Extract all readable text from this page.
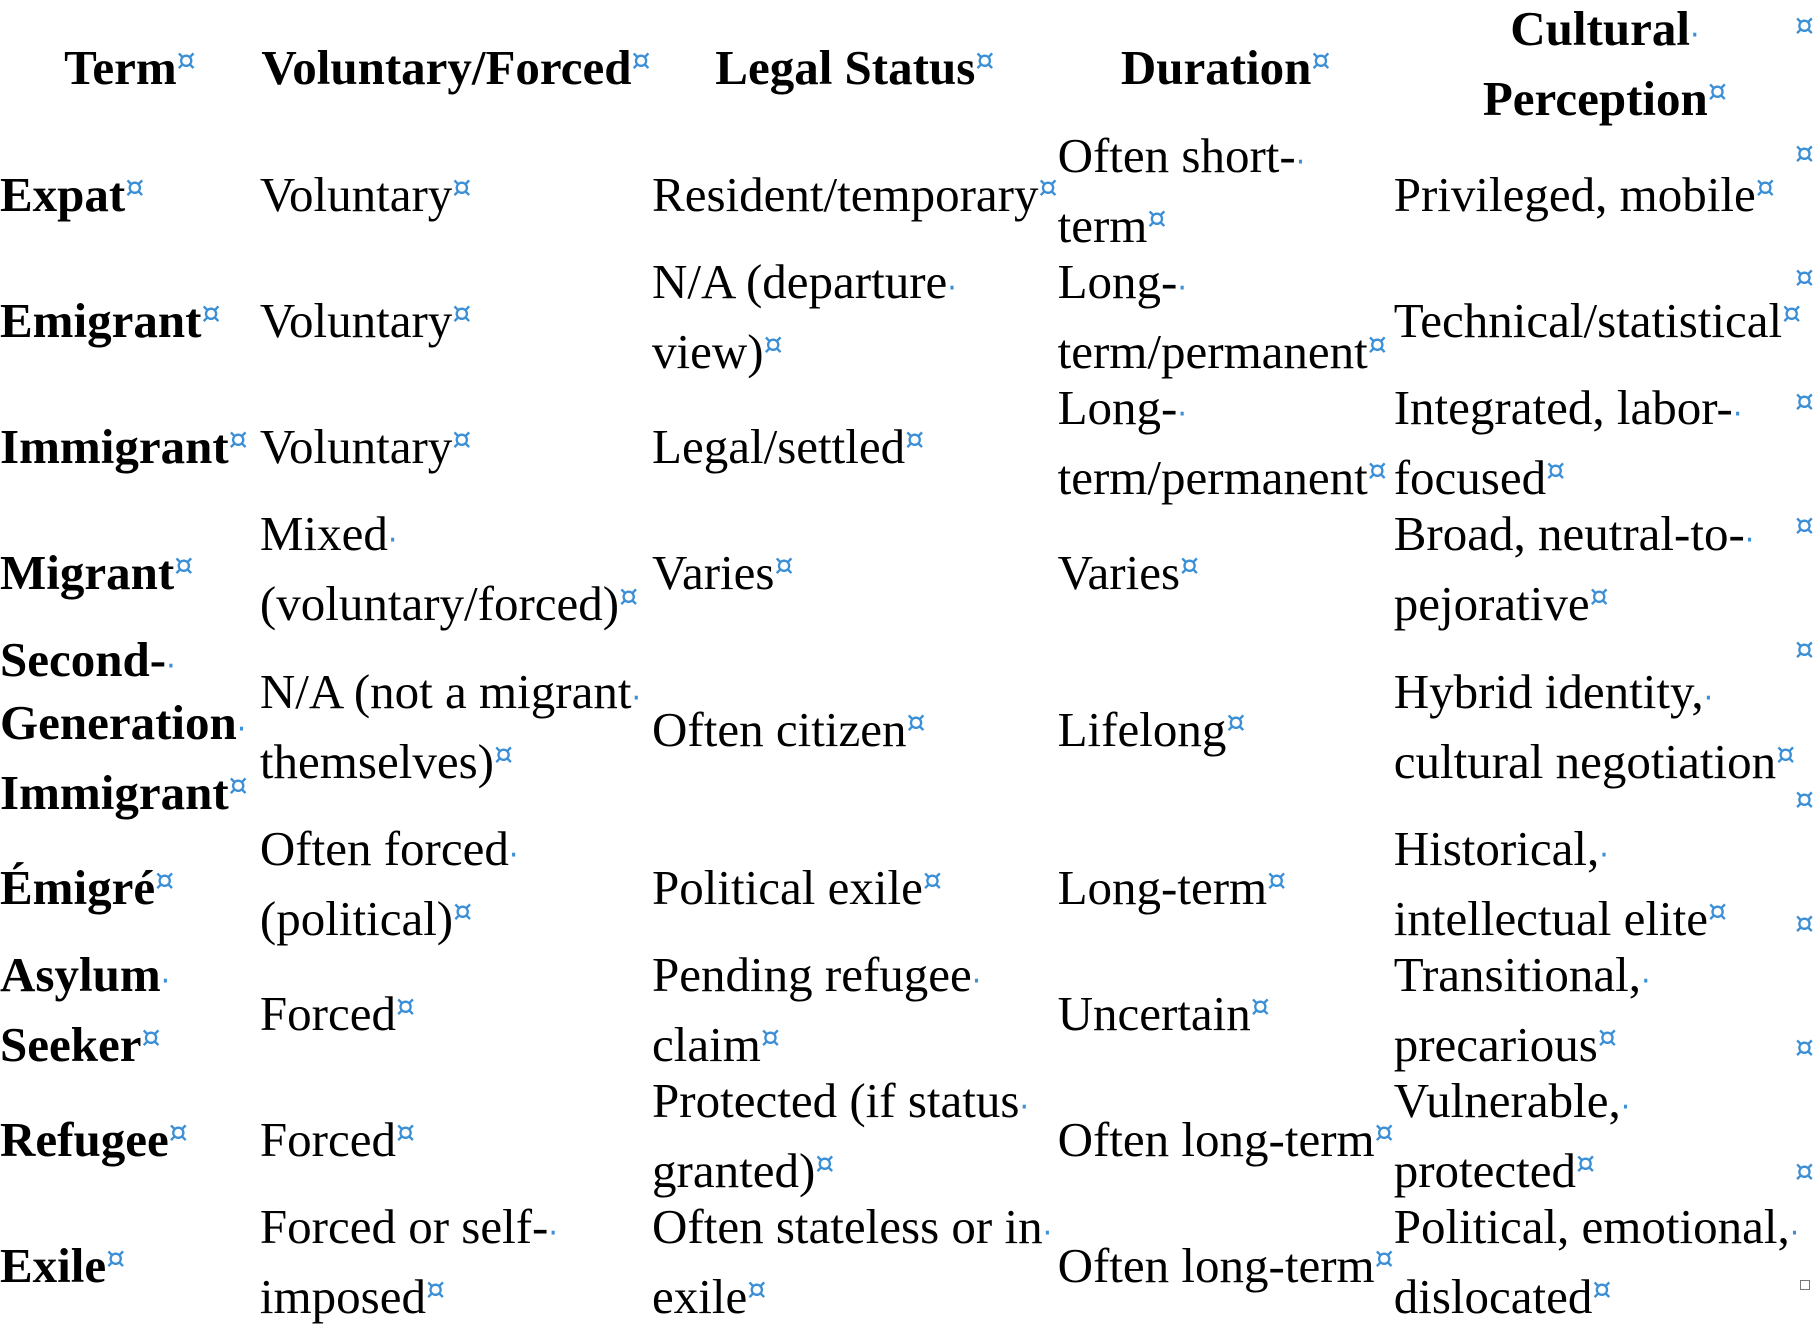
Term¤	Voluntary/Forced¤	Legal Status¤	Duration¤	Cultural·
Perception¤

Expat¤	Voluntary¤	Resident/temporary¤	Often short-·
term¤	Privileged, mobile¤

Emigrant¤	Voluntary¤	N/A (departure·
view)¤	Long-·
term/permanent¤	Technical/statistical¤

Immigrant¤	Voluntary¤	Legal/settled¤	Long-·
term/permanent¤	Integrated, labor-·
focused¤

Migrant¤	Mixed·
(voluntary/forced)¤	Varies¤	Varies¤	Broad, neutral-to-·
pejorative¤

Second-·
Generation·
Immigrant¤	N/A (not a migrant·
themselves)¤	Often citizen¤	Lifelong¤	Hybrid identity,·
cultural negotiation¤

Émigré¤	Often forced·
(political)¤	Political exile¤	Long-term¤	Historical,·
intellectual elite¤

Asylum·
Seeker¤	Forced¤	Pending refugee·
claim¤	Uncertain¤	Transitional,·
precarious¤

Refugee¤	Forced¤	Protected (if status·
granted)¤	Often long-term¤	Vulnerable,·
protected¤

Exile¤	Forced or self-·
imposed¤	Often stateless or in·
exile¤	Often long-term¤	Political, emotional,·
dislocated¤
¤
¤
¤
¤
¤
¤
¤
¤
¤
¤
